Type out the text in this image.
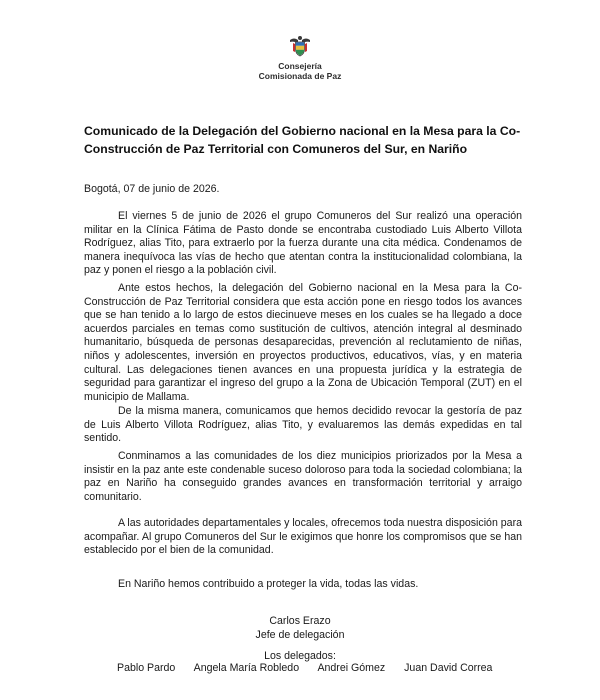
Consejería
Comisionada de Paz
Comunicado de la Delegación del Gobierno nacional en la Mesa para la Co-Construcción de Paz Territorial con Comuneros del Sur, en Nariño
Bogotá, 07 de junio de 2026.

El viernes 5 de junio de 2026 el grupo Comuneros del Sur realizó una operación militar en la Clínica Fátima de Pasto donde se encontraba custodiado Luis Alberto Villota Rodríguez, alias Tito, para extraerlo por la fuerza durante una cita médica. Condenamos de manera inequívoca las vías de hecho que atentan contra la institucionalidad colombiana, la paz y ponen el riesgo a la población civil.

Ante estos hechos, la delegación del Gobierno nacional en la Mesa para la Co-Construcción de Paz Territorial considera que esta acción pone en riesgo todos los avances que se han tenido a lo largo de estos diecinueve meses en los cuales se ha llegado a doce acuerdos parciales en temas como sustitución de cultivos, atención integral al desminado humanitario, búsqueda de personas desaparecidas, prevención al reclutamiento de niñas, niños y adolescentes, inversión en proyectos productivos, educativos, vías, y en materia cultural. Las delegaciones tienen avances en una propuesta jurídica y la estrategia de seguridad para garantizar el ingreso del grupo a la Zona de Ubicación Temporal (ZUT) en el municipio de Mallama.

De la misma manera, comunicamos que hemos decidido revocar la gestoría de paz de Luis Alberto Villota Rodríguez, alias Tito, y evaluaremos las demás expedidas en tal sentido.

Conminamos a las comunidades de los diez municipios priorizados por la Mesa a insistir en la paz ante este condenable suceso doloroso para toda la sociedad colombiana; la paz en Nariño ha conseguido grandes avances en transformación territorial y arraigo comunitario.

A las autoridades departamentales y locales, ofrecemos toda nuestra disposición para acompañar. Al grupo Comuneros del Sur le exigimos que honre los compromisos que se han establecido por el bien de la comunidad.

En Nariño hemos contribuido a proteger la vida, todas las vidas.
Carlos Erazo
Jefe de delegación
Los delegados:
Pablo Pardo Angela María Robledo Andrei Gómez Juan David Correa
